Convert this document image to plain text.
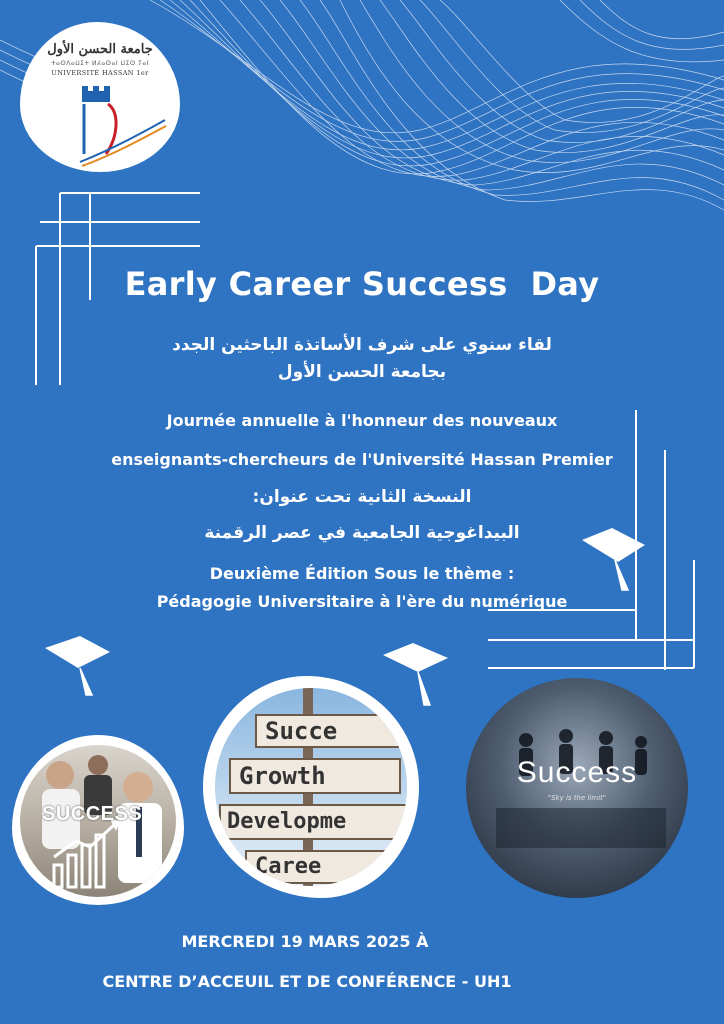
جامعة الحسن الأول
ⵜⴰⵙⴷⴰⵡⵉⵜ ⵍⵃⴰⵙⴰⵏ ⵡⵉⵙ ⵢⴰⵏ
UNIVERSITÉ HASSAN 1er
Early Career Success  Day
لقاء سنوي على شرف الأساتذة الباحثين الجدد
بجامعة الحسن الأول
Journée annuelle à l'honneur des nouveaux
enseignants-chercheurs de l'Université Hassan Premier
النسخة الثانية تحت عنوان:
البيداغوجية الجامعية في عصر الرقمنة
Deuxième Édition Sous le thème :
Pédagogie Universitaire à l'ère du numérique
SUCCESS
Succe
Growth
Developme
Caree
Success
"Sky is the limit"
MERCREDI 19 MARS 2025 À
CENTRE D’ACCEUIL ET DE CONFÉRENCE - UH1
